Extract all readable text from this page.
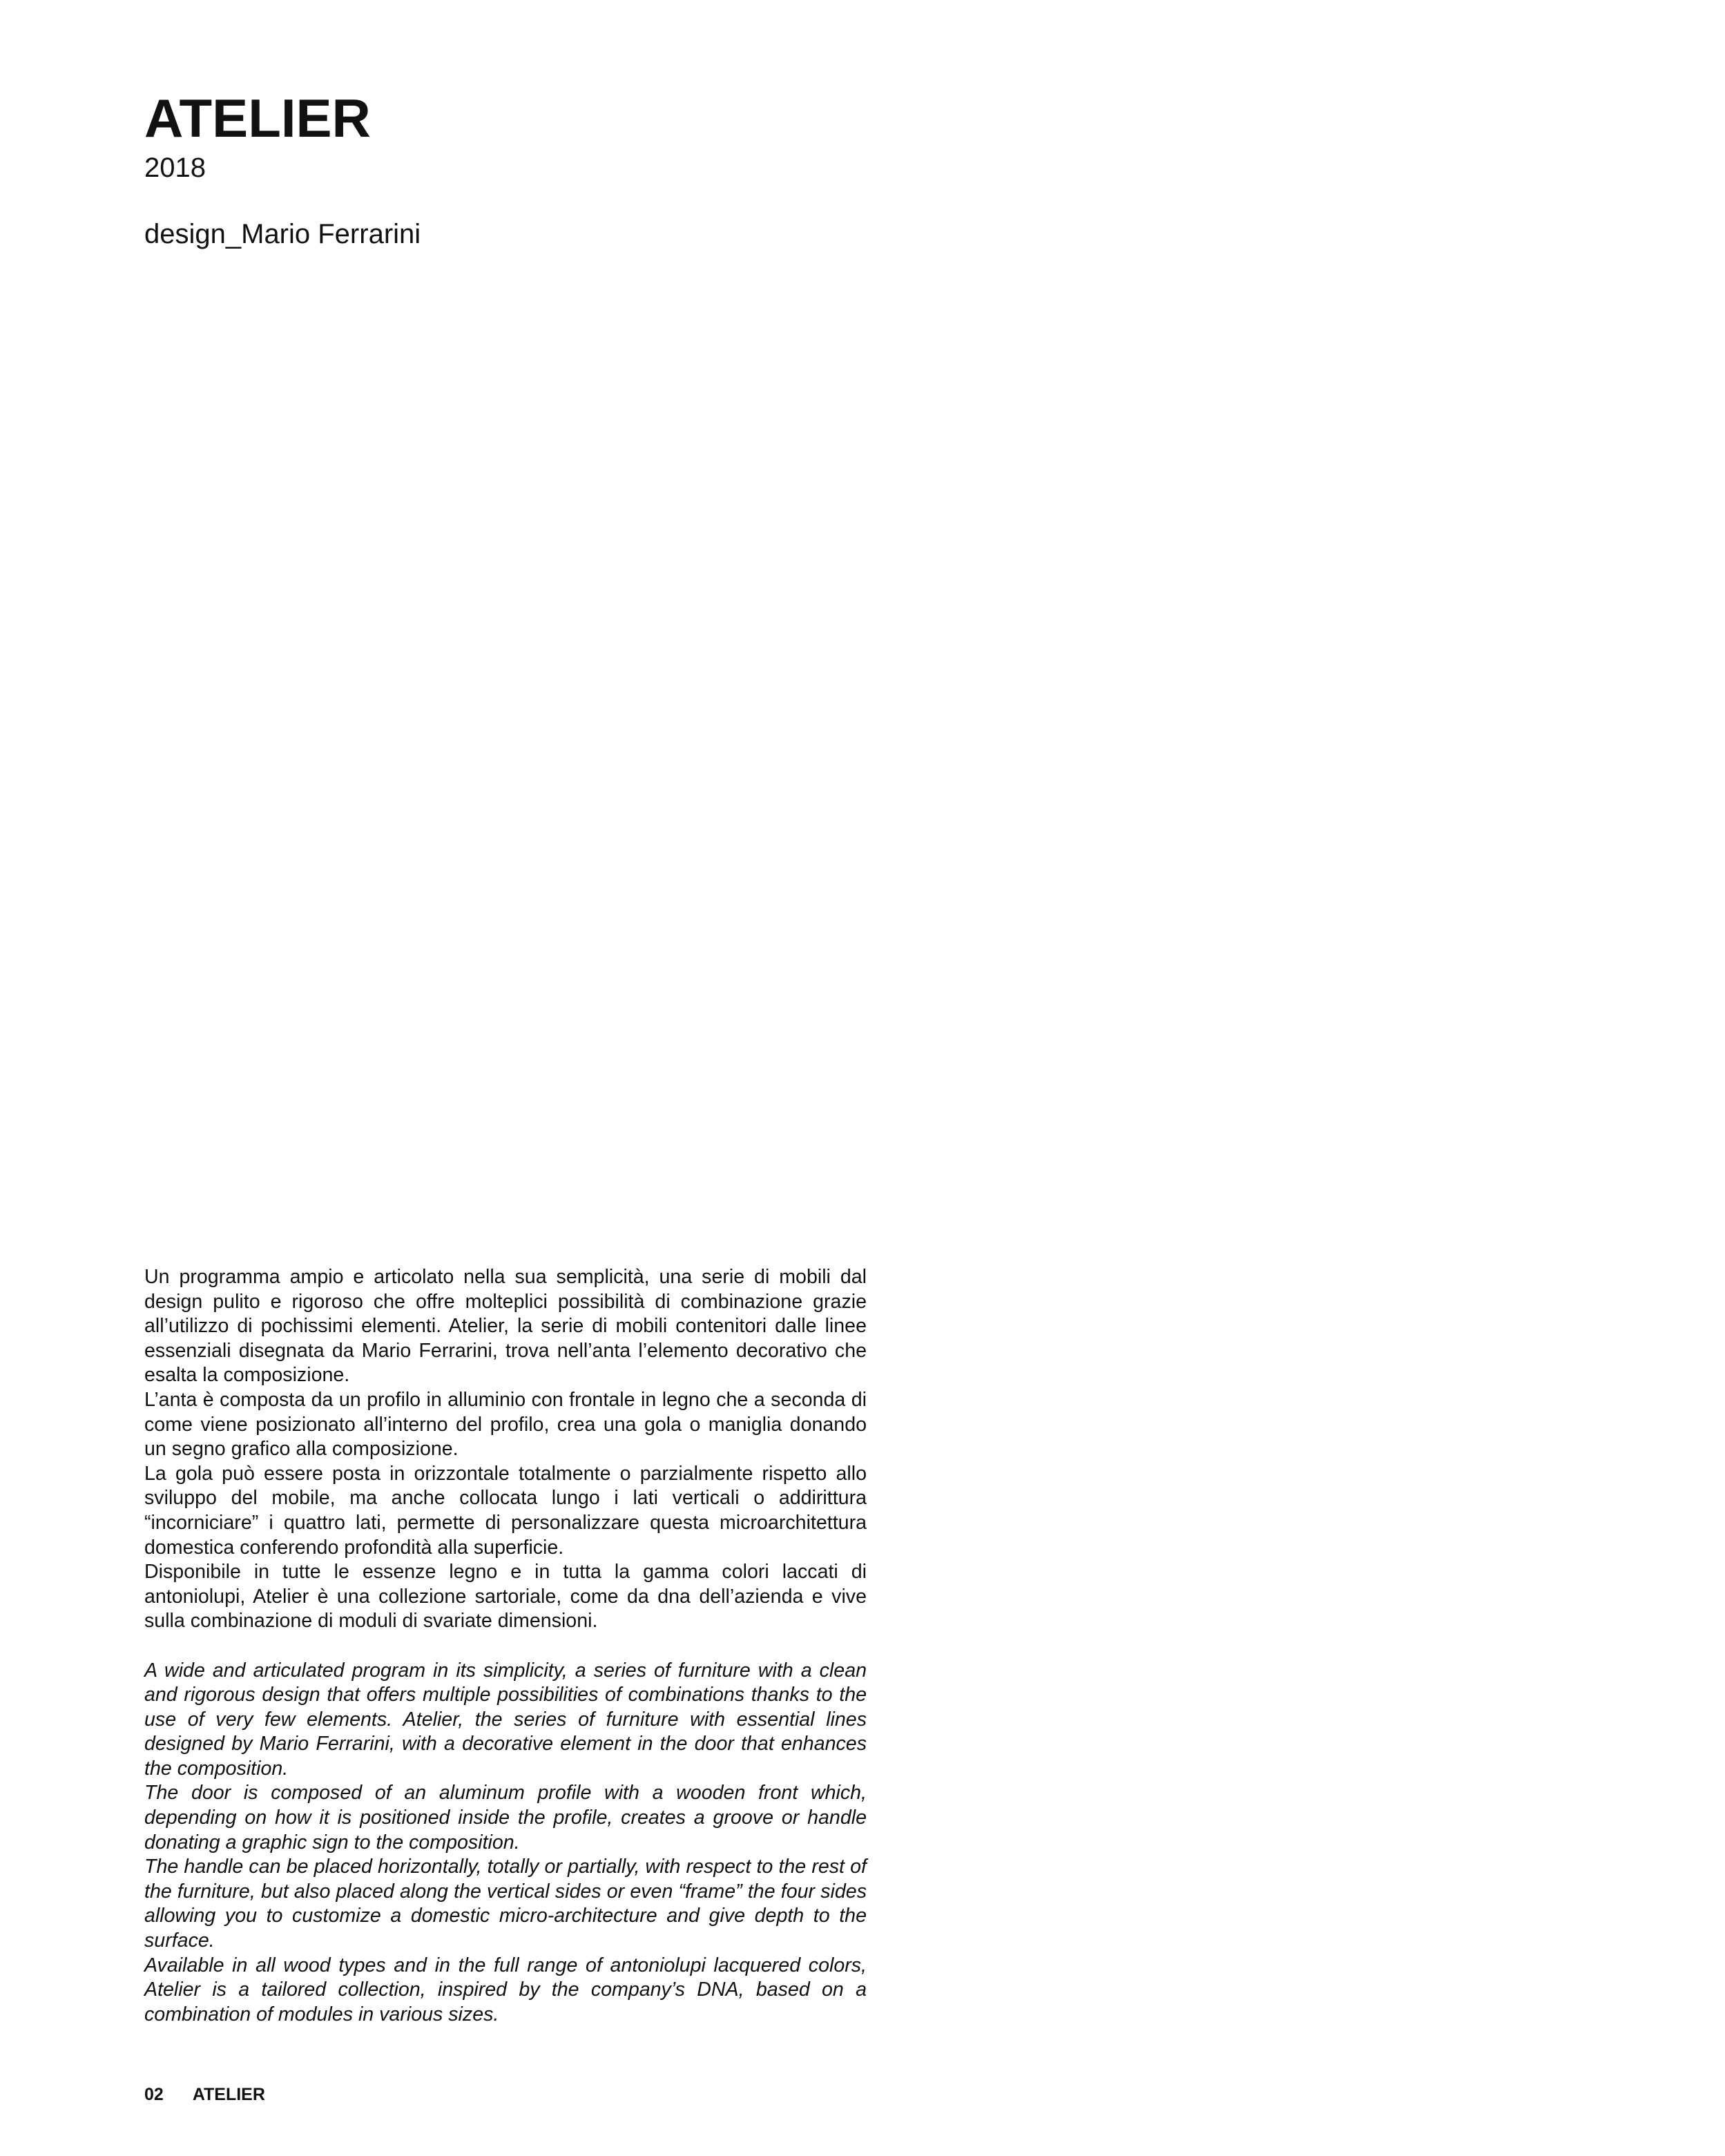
ATELIER
2018
design_Mario Ferrarini

Un programma ampio e articolato nella sua semplicità, una serie di mobili dal design pulito e rigoroso che offre molteplici possibilità di combinazione grazie all’utilizzo di pochissimi elementi. Atelier, la serie di mobili contenitori dalle linee essenziali disegnata da Mario Ferrarini, trova nell’anta l’elemento decorativo che esalta la composizione.

L’anta è composta da un profilo in alluminio con frontale in legno che a seconda di come viene posizionato all’interno del profilo, crea una gola o maniglia donando un segno grafico alla composizione.

La gola può essere posta in orizzontale totalmente o parzialmente rispetto allo sviluppo del mobile, ma anche collocata lungo i lati verticali o addirittura “incorniciare” i quattro lati, permette di personalizzare questa microarchitettura domestica conferendo profondità alla superficie.

Disponibile in tutte le essenze legno e in tutta la gamma colori laccati di antoniolupi, Atelier è una collezione sartoriale, come da dna dell’azienda e vive sulla combinazione di moduli di svariate dimensioni.

A wide and articulated program in its simplicity, a series of furniture with a clean and rigorous design that offers multiple possibilities of combinations thanks to the use of very few elements. Atelier, the series of furniture with essential lines designed by Mario Ferrarini, with a decorative element in the door that enhances the composition.

The door is composed of an aluminum profile with a wooden front which, depending on how it is positioned inside the profile, creates a groove or handle donating a graphic sign to the composition.

The handle can be placed horizontally, totally or partially, with respect to the rest of the furniture, but also placed along the vertical sides or even “frame” the four sides allowing you to customize a domestic micro-architecture and give depth to the surface.

Available in all wood types and in the full range of antoniolupi lacquered colors, Atelier is a tailored collection, inspired by the company’s DNA, based on a combination of modules in various sizes.

02 ATELIER
